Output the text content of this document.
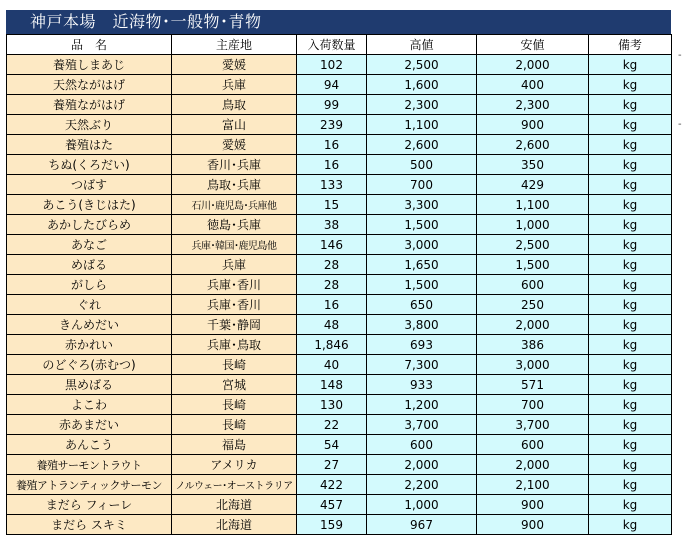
神戸本場　近海物･一般物･青物
品　名	主産地	入荷数量	高値	安値	備考
養殖しまあじ	愛媛	102	2,500	2,000	kg
天然ながはげ	兵庫	94	1,600	400	kg
養殖ながはげ	鳥取	99	2,300	2,300	kg
天然ぶり	富山	239	1,100	900	kg
養殖はた	愛媛	16	2,600	2,600	kg
ちぬ(くろだい)	香川･兵庫	16	500	350	kg
つばす	鳥取･兵庫	133	700	429	kg
あこう(きじはた)	石川･鹿児島･兵庫他	15	3,300	1,100	kg
あかしたびらめ	徳島･兵庫	38	1,500	1,000	kg
あなご	兵庫･韓国･鹿児島他	146	3,000	2,500	kg
めばる	兵庫	28	1,650	1,500	kg
がしら	兵庫･香川	28	1,500	600	kg
ぐれ	兵庫･香川	16	650	250	kg
きんめだい	千葉･静岡	48	3,800	2,000	kg
赤かれい	兵庫･鳥取	1,846	693	386	kg
のどぐろ(赤むつ)	長崎	40	7,300	3,000	kg
黒めばる	宮城	148	933	571	kg
よこわ	長崎	130	1,200	700	kg
赤あまだい	長崎	22	3,700	3,700	kg
あんこう	福島	54	600	600	kg
養殖サーモントラウト	アメリカ	27	2,000	2,000	kg
養殖アトランティックサーモン	ノルウェー･オーストラリア	422	2,200	2,100	kg
まだら フィーレ	北海道	457	1,000	900	kg
まだら スキミ	北海道	159	967	900	kg
-
-
